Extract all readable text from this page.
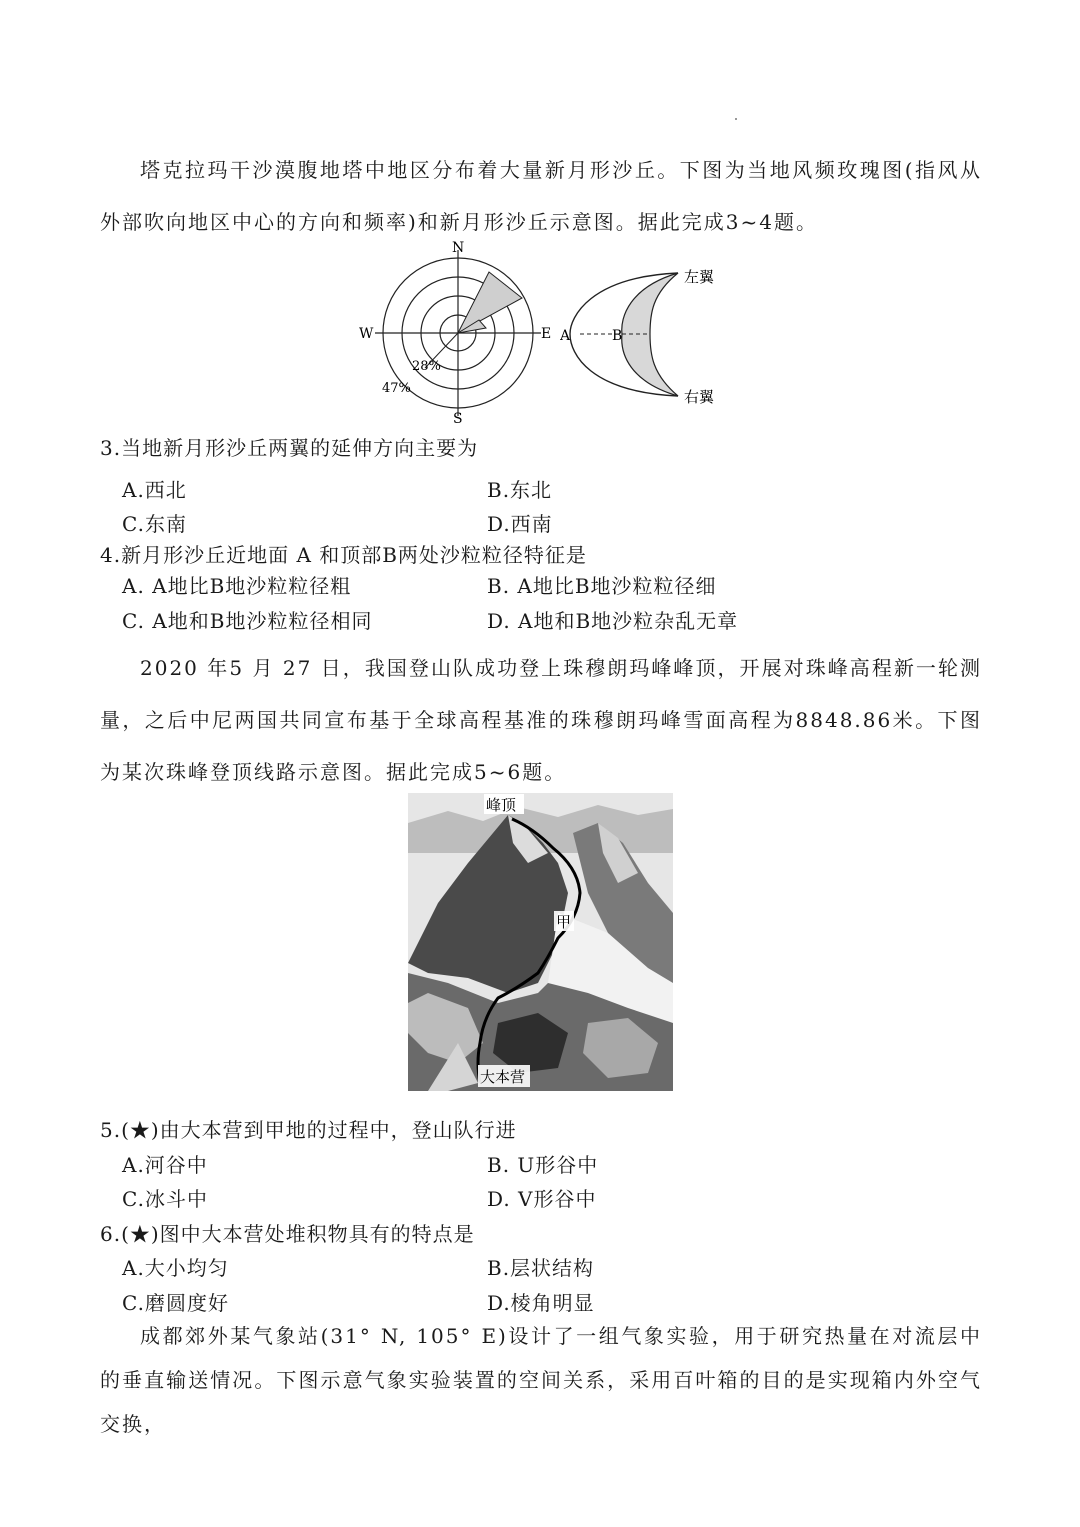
塔克拉玛干沙漠腹地塔中地区分布着大量新月形沙丘。下图为当地风频玫瑰图(指风从外部吹向地区中心的方向和频率)和新月形沙丘示意图。据此完成3~4题。

N
S
W	E
28%
47%
A	B
左翼
右翼
3.当地新月形沙丘两翼的延伸方向主要为
A.西北	B.东北
C.东南	D.西南
4.新月形沙丘近地面 A 和顶部B两处沙粒粒径特征是
A. A地比B地沙粒粒径粗	B. A地比B地沙粒粒径细
C. A地和B地沙粒粒径相同	D. A地和B地沙粒杂乱无章

2020 年5 月 27 日，我国登山队成功登上珠穆朗玛峰峰顶，开展对珠峰高程新一轮测量，之后中尼两国共同宣布基于全球高程基准的珠穆朗玛峰雪面高程为8848.86米。下图为某次珠峰登顶线路示意图。据此完成5~6题。

峰顶
甲
大本营
5.(★)由大本营到甲地的过程中，登山队行进
A.河谷中	B. U形谷中
C.冰斗中	D. V形谷中
6.(★)图中大本营处堆积物具有的特点是
A.大小均匀	B.层状结构
C.磨圆度好	D.棱角明显

成都郊外某气象站(31° N, 105° E)设计了一组气象实验，用于研究热量在对流层中的垂直输送情况。下图示意气象实验装置的空间关系，采用百叶箱的目的是实现箱内外空气交换，
